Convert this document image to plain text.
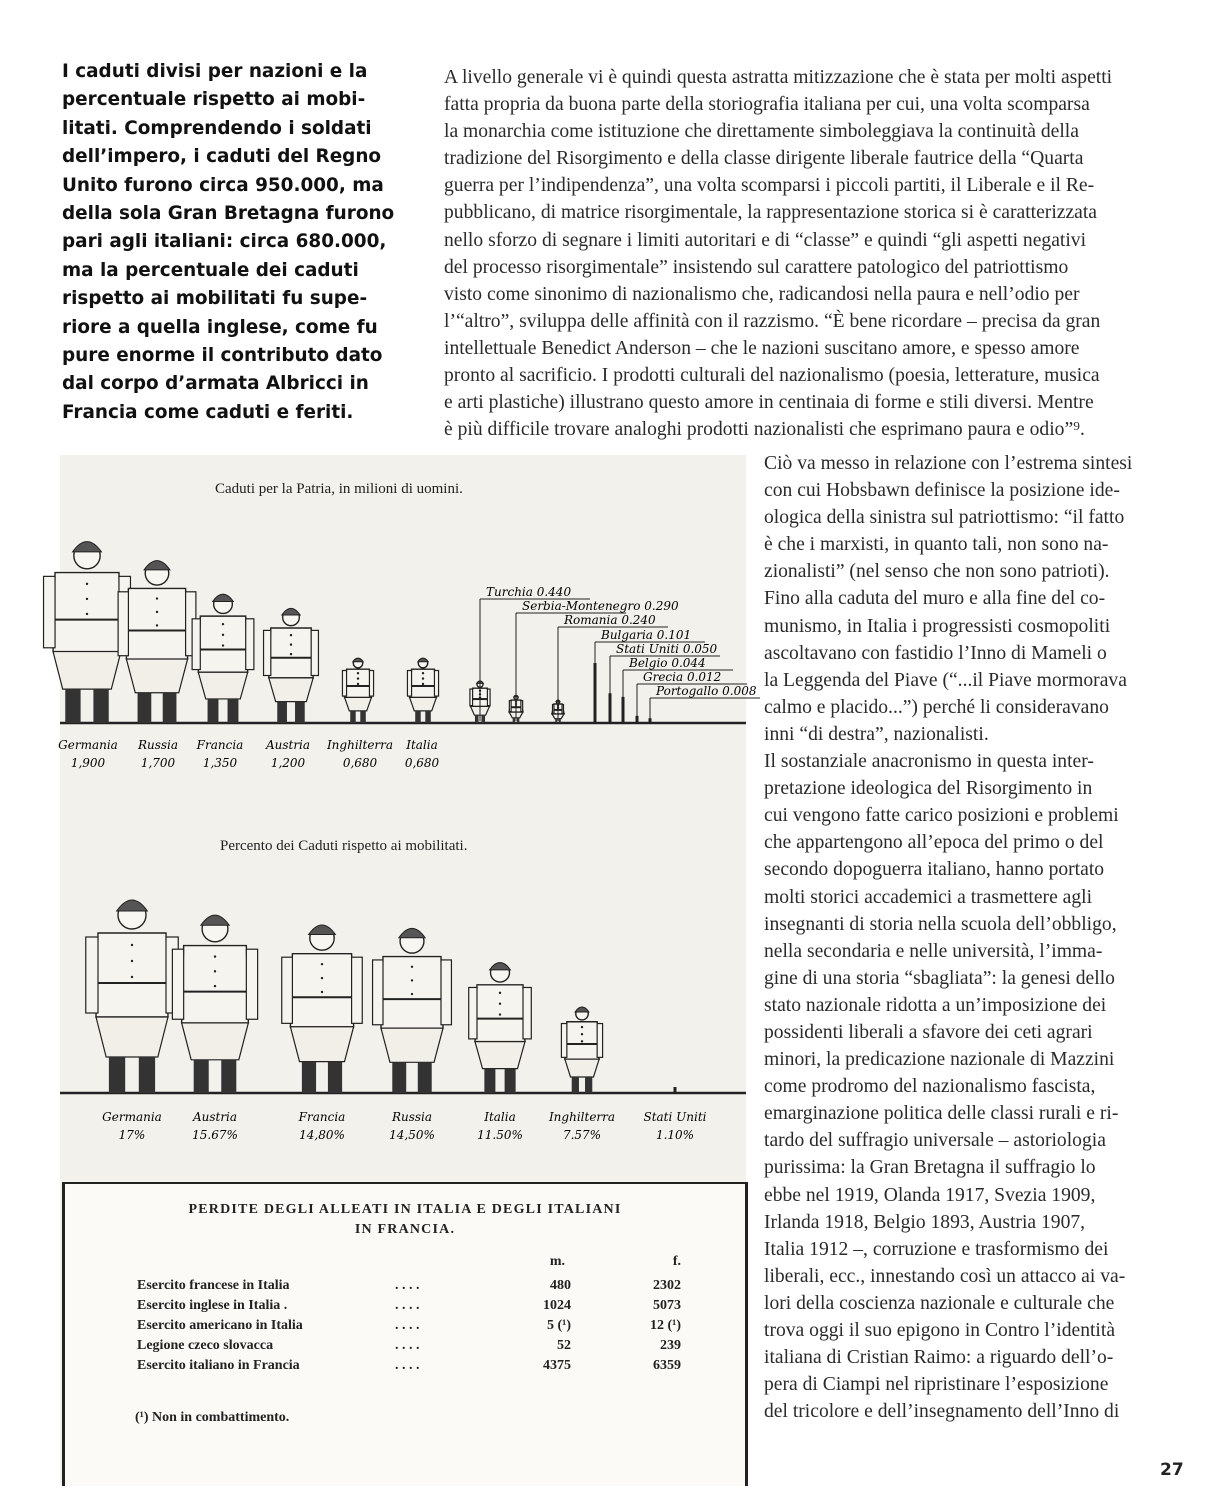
I caduti divisi per nazioni e la
percentuale rispetto ai mobi-
litati. Comprendendo i soldati
dell’impero, i caduti del Regno
Unito furono circa 950.000, ma
della sola Gran Bretagna furono
pari agli italiani: circa 680.000,
ma la percentuale dei caduti
rispetto ai mobilitati fu supe-
riore a quella inglese, come fu
pure enorme il contributo dato
dal corpo d’armata Albricci in
Francia come caduti e feriti.
A livello generale vi è quindi questa astratta mitizzazione che è stata per molti aspetti
fatta propria da buona parte della storiografia italiana per cui, una volta scomparsa
la monarchia come istituzione che direttamente simboleggiava la continuità della
tradizione del Risorgimento e della classe dirigente liberale fautrice della “Quarta
guerra per l’indipendenza”, una volta scomparsi i piccoli partiti, il Liberale e il Re-
pubblicano, di matrice risorgimentale, la rappresentazione storica si è caratterizzata
nello sforzo di segnare i limiti autoritari e di “classe” e quindi “gli aspetti negativi
del processo risorgimentale” insistendo sul carattere patologico del patriottismo
visto come sinonimo di nazionalismo che, radicandosi nella paura e nell’odio per
l’“altro”, sviluppa delle affinità con il razzismo. “È bene ricordare – precisa da gran
intellettuale Benedict Anderson – che le nazioni suscitano amore, e spesso amore
pronto al sacrificio. I prodotti culturali del nazionalismo (poesia, letterature, musica
e arti plastiche) illustrano questo amore in centinaia di forme e stili diversi. Mentre
è più difficile trovare analoghi prodotti nazionalisti che esprimano paura e odio”⁹.
Ciò va messo in relazione con l’estrema sintesi
con cui Hobsbawn definisce la posizione ide-
ologica della sinistra sul patriottismo: “il fatto
è che i marxisti, in quanto tali, non sono na-
zionalisti” (nel senso che non sono patrioti).
Fino alla caduta del muro e alla fine del co-
munismo, in Italia i progressisti cosmopoliti
ascoltavano con fastidio l’Inno di Mameli o
la Leggenda del Piave (“...il Piave mormorava
calmo e placido...”) perché li consideravano
inni “di destra”, nazionalisti.
Il sostanziale anacronismo in questa inter-
pretazione ideologica del Risorgimento in
cui vengono fatte carico posizioni e problemi
che appartengono all’epoca del primo o del
secondo dopoguerra italiano, hanno portato
molti storici accademici a trasmettere agli
insegnanti di storia nella scuola dell’obbligo,
nella secondaria e nelle università, l’imma-
gine di una storia “sbagliata”: la genesi dello
stato nazionale ridotta a un’imposizione dei
possidenti liberali a sfavore dei ceti agrari
minori, la predicazione nazionale di Mazzini
come prodromo del nazionalismo fascista,
emarginazione politica delle classi rurali e ri-
tardo del suffragio universale – astoriologia
purissima: la Gran Bretagna il suffragio lo
ebbe nel 1919, Olanda 1917, Svezia 1909,
Irlanda 1918, Belgio 1893, Austria 1907,
Italia 1912 –, corruzione e trasformismo dei
liberali, ecc., innestando così un attacco ai va-
lori della coscienza nazionale e culturale che
trova oggi il suo epigono in Contro l’identità
italiana di Cristian Raimo: a riguardo dell’o-
pera di Ciampi nel ripristinare l’esposizione
del tricolore e dell’insegnamento dell’Inno di
Caduti per la Patria, in milioni di uomini.
Germania
1,900
Russia
1,700
Francia
1,350
Austria
1,200
Inghilterra
0,680
Italia
0,680
Turchia 0.440
Serbia-Montenegro 0.290
Romania 0.240
Bulgaria 0.101
Stati Uniti 0.050
Belgio 0.044
Grecia 0.012
Portogallo 0.008
Percento dei Caduti rispetto ai mobilitati.
Germania
17%
Austria
15.67%
Francia
14,80%
Russia
14,50%
Italia
11.50%
Inghilterra
7.57%
Stati Uniti
1.10%
PERDITE DEGLI ALLEATI IN ITALIA E DEGLI ITALIANI
IN FRANCIA.
m.	f.
Esercito francese in Italia	. . . .	480	2302
Esercito inglese in Italia .	. . . .	1024	5073
Esercito americano in Italia	. . . .	5 (¹)	12 (¹)
Legione czeco slovacca	. . . .	52	239
Esercito italiano in Francia	. . . .	4375	6359
(¹) Non in combattimento.
27
